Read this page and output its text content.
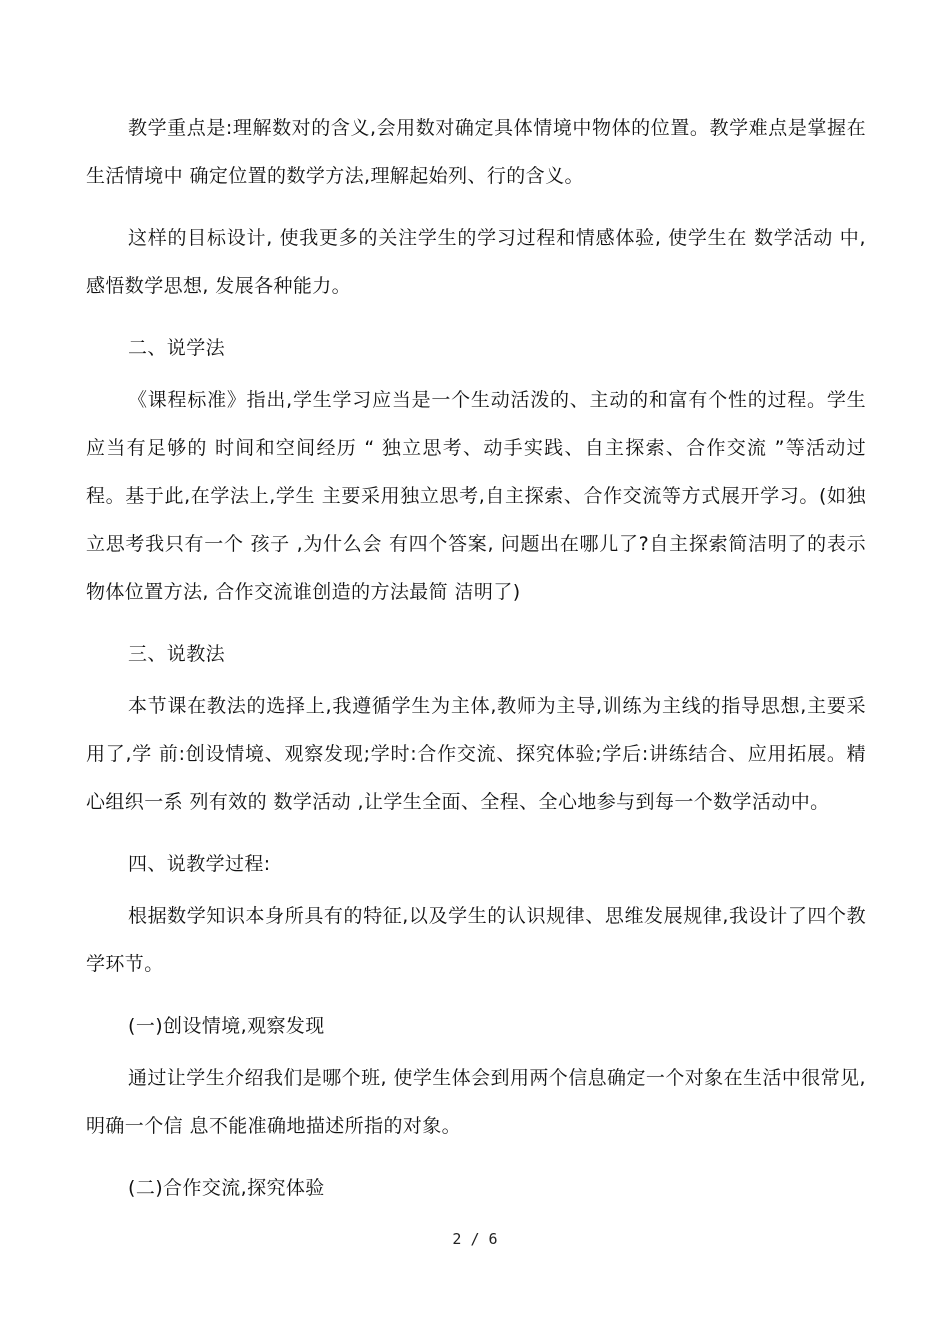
教学重点是:理解数对的含义,会用数对确定具体情境中物体的位置。教学难点是掌握在生活情境中 确定位置的数学方法,理解起始列、行的含义。

这样的目标设计, 使我更多的关注学生的学习过程和情感体验, 使学生在 数学活动 中, 感悟数学思想, 发展各种能力。

二、说学法

《课程标准》指出,学生学习应当是一个生动活泼的、主动的和富有个性的过程。学生应当有足够的 时间和空间经历 “ 独立思考、动手实践、自主探索、合作交流 ”等活动过程。基于此,在学法上,学生 主要采用独立思考,自主探索、合作交流等方式展开学习。(如独立思考我只有一个 孩子 ,为什么会 有四个答案, 问题出在哪儿了?自主探索简洁明了的表示物体位置方法, 合作交流谁创造的方法最简 洁明了)

三、说教法

本节课在教法的选择上,我遵循学生为主体,教师为主导,训练为主线的指导思想,主要采用了,学 前:创设情境、观察发现;学时:合作交流、探究体验;学后:讲练结合、应用拓展。精心组织一系 列有效的 数学活动 ,让学生全面、全程、全心地参与到每一个数学活动中。

四、说教学过程:

根据数学知识本身所具有的特征,以及学生的认识规律、思维发展规律,我设计了四个教学环节。

(一)创设情境,观察发现

通过让学生介绍我们是哪个班, 使学生体会到用两个信息确定一个对象在生活中很常见, 明确一个信 息不能准确地描述所指的对象。

(二)合作交流,探究体验

2 / 6
